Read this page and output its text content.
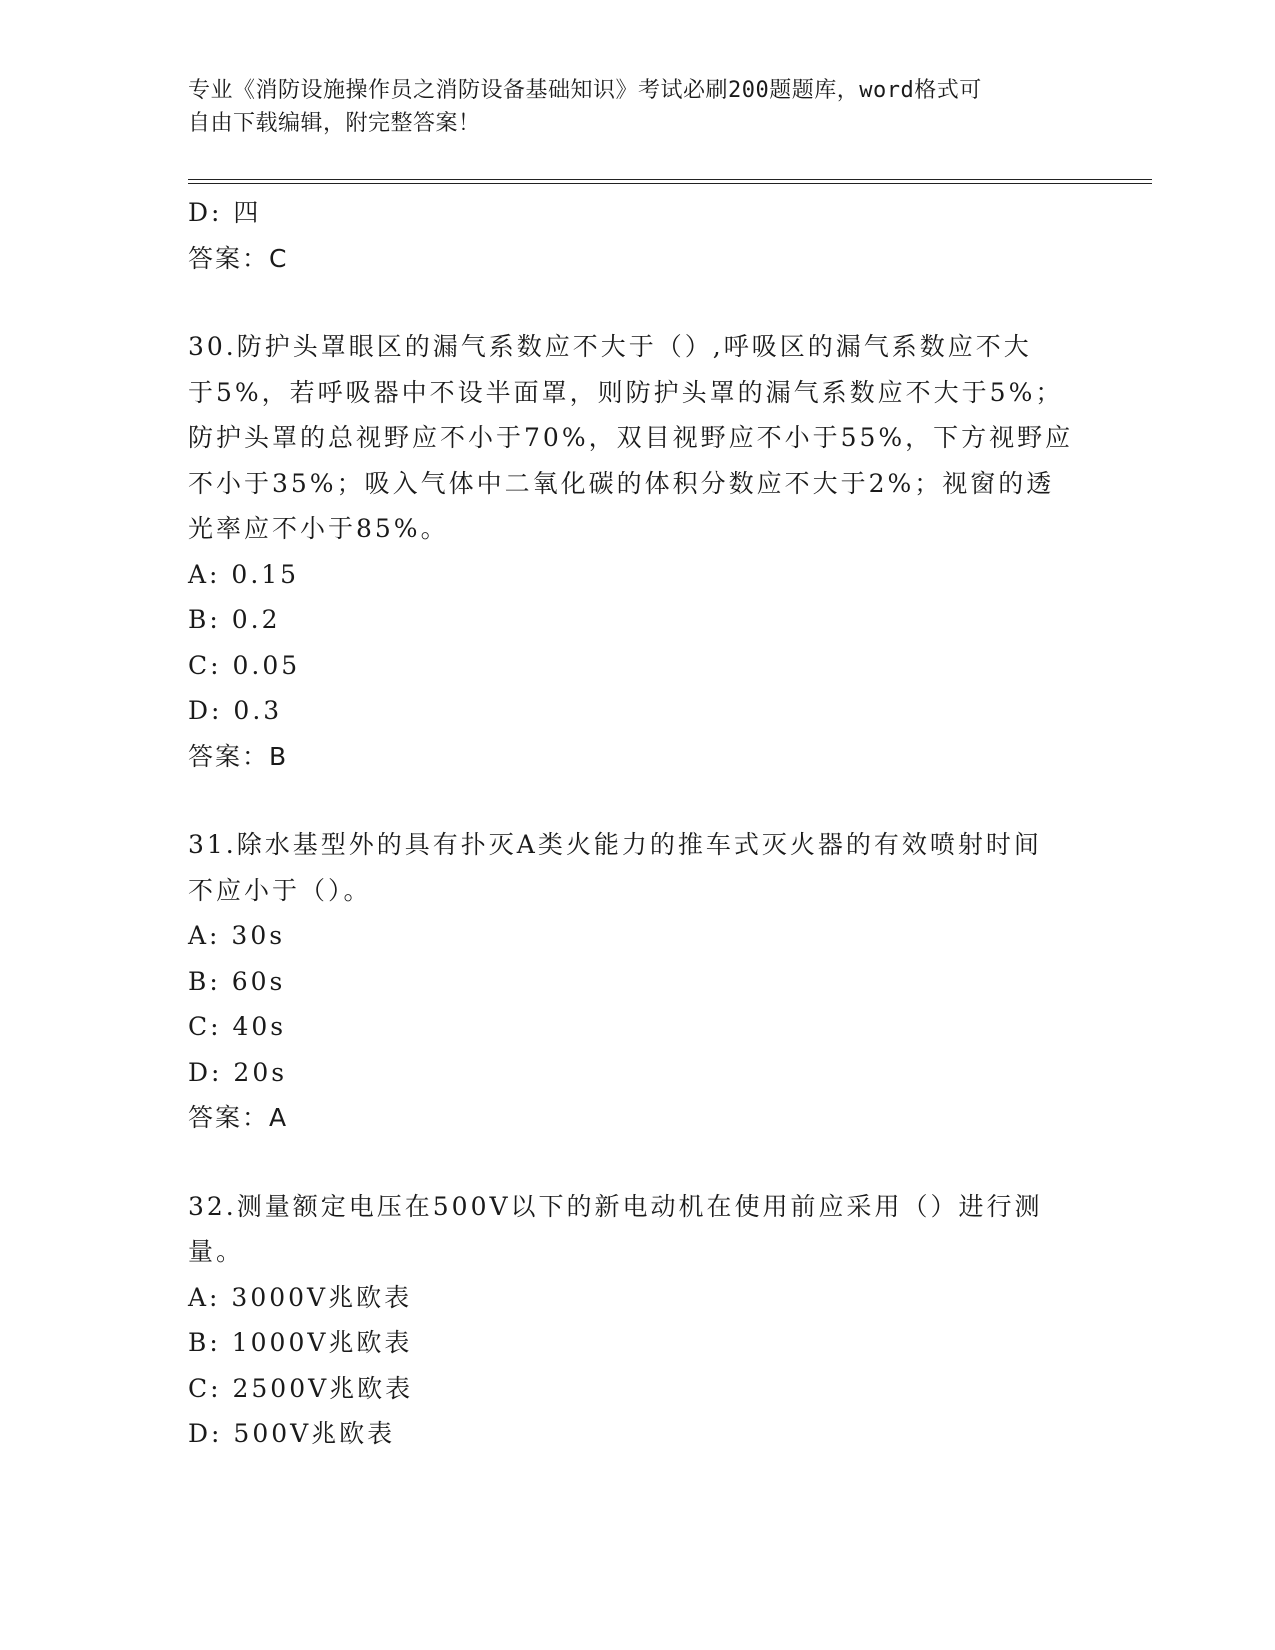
专业《消防设施操作员之消防设备基础知识》考试必刷200题题库，word格式可
自由下载编辑，附完整答案！
D: 四
答案：C
30.防护头罩眼区的漏气系数应不大于（）,呼吸区的漏气系数应不大
于5%，若呼吸器中不设半面罩，则防护头罩的漏气系数应不大于5%；
防护头罩的总视野应不小于70%，双目视野应不小于55%，下方视野应
不小于35%；吸入气体中二氧化碳的体积分数应不大于2%；视窗的透
光率应不小于85%。
A: 0.15
B: 0.2
C: 0.05
D: 0.3
答案：B
31.除水基型外的具有扑灭A类火能力的推车式灭火器的有效喷射时间
不应小于（）。
A: 30s
B: 60s
C: 40s
D: 20s
答案：A
32.测量额定电压在500V以下的新电动机在使用前应采用（）进行测
量。
A: 3000V兆欧表
B: 1000V兆欧表
C: 2500V兆欧表
D: 500V兆欧表
